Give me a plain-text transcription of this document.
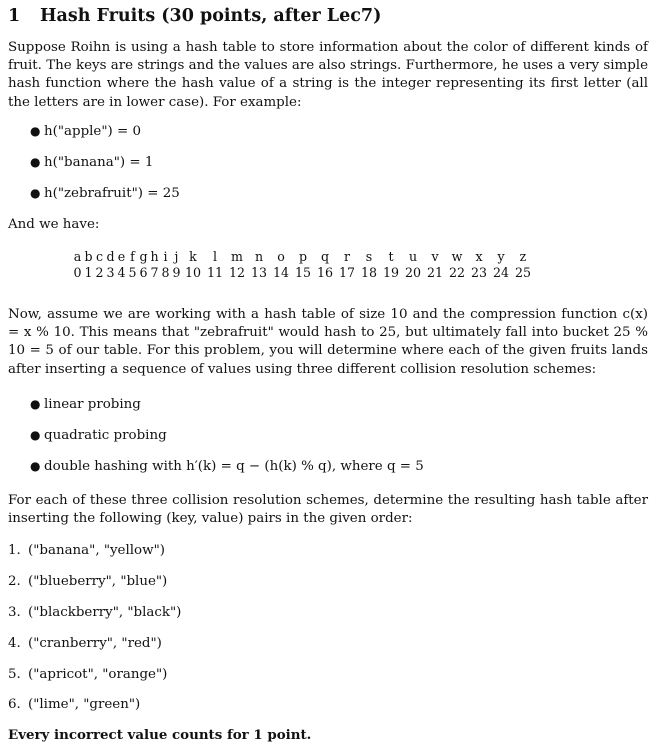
1 Hash Fruits (30 points, after Lec7)
Suppose Roihn is using a hash table to store information about the color of different kinds of fruit. The keys are strings and the values are also strings. Furthermore, he uses a very simple hash function where the hash value of a string is the integer representing its first letter (all the letters are in lower case). For example:
● h("apple") = 0
● h("banana") = 1
● h("zebrafruit") = 25
And we have:
a	b	c	d	e	f	g	h	i	j	k	l	m	n	o	p	q	r	s	t	u	v	w	x	y	z
0	1	2	3	4	5	6	7	8	9	10	11	12	13	14	15	16	17	18	19	20	21	22	23	24	25
Now, assume we are working with a hash table of size 10 and the compression function c(x) = x % 10. This means that "zebrafruit" would hash to 25, but ultimately fall into bucket 25 % 10 = 5 of our table. For this problem, you will determine where each of the given fruits lands after inserting a sequence of values using three different collision resolution schemes:
● linear probing
● quadratic probing
● double hashing with h′(k) = q − (h(k) % q), where q = 5
For each of these three collision resolution schemes, determine the resulting hash table after inserting the following (key, value) pairs in the given order:
1. ("banana", "yellow")
2. ("blueberry", "blue")
3. ("blackberry", "black")
4. ("cranberry", "red")
5. ("apricot", "orange")
6. ("lime", "green")
Every incorrect value counts for 1 point.
